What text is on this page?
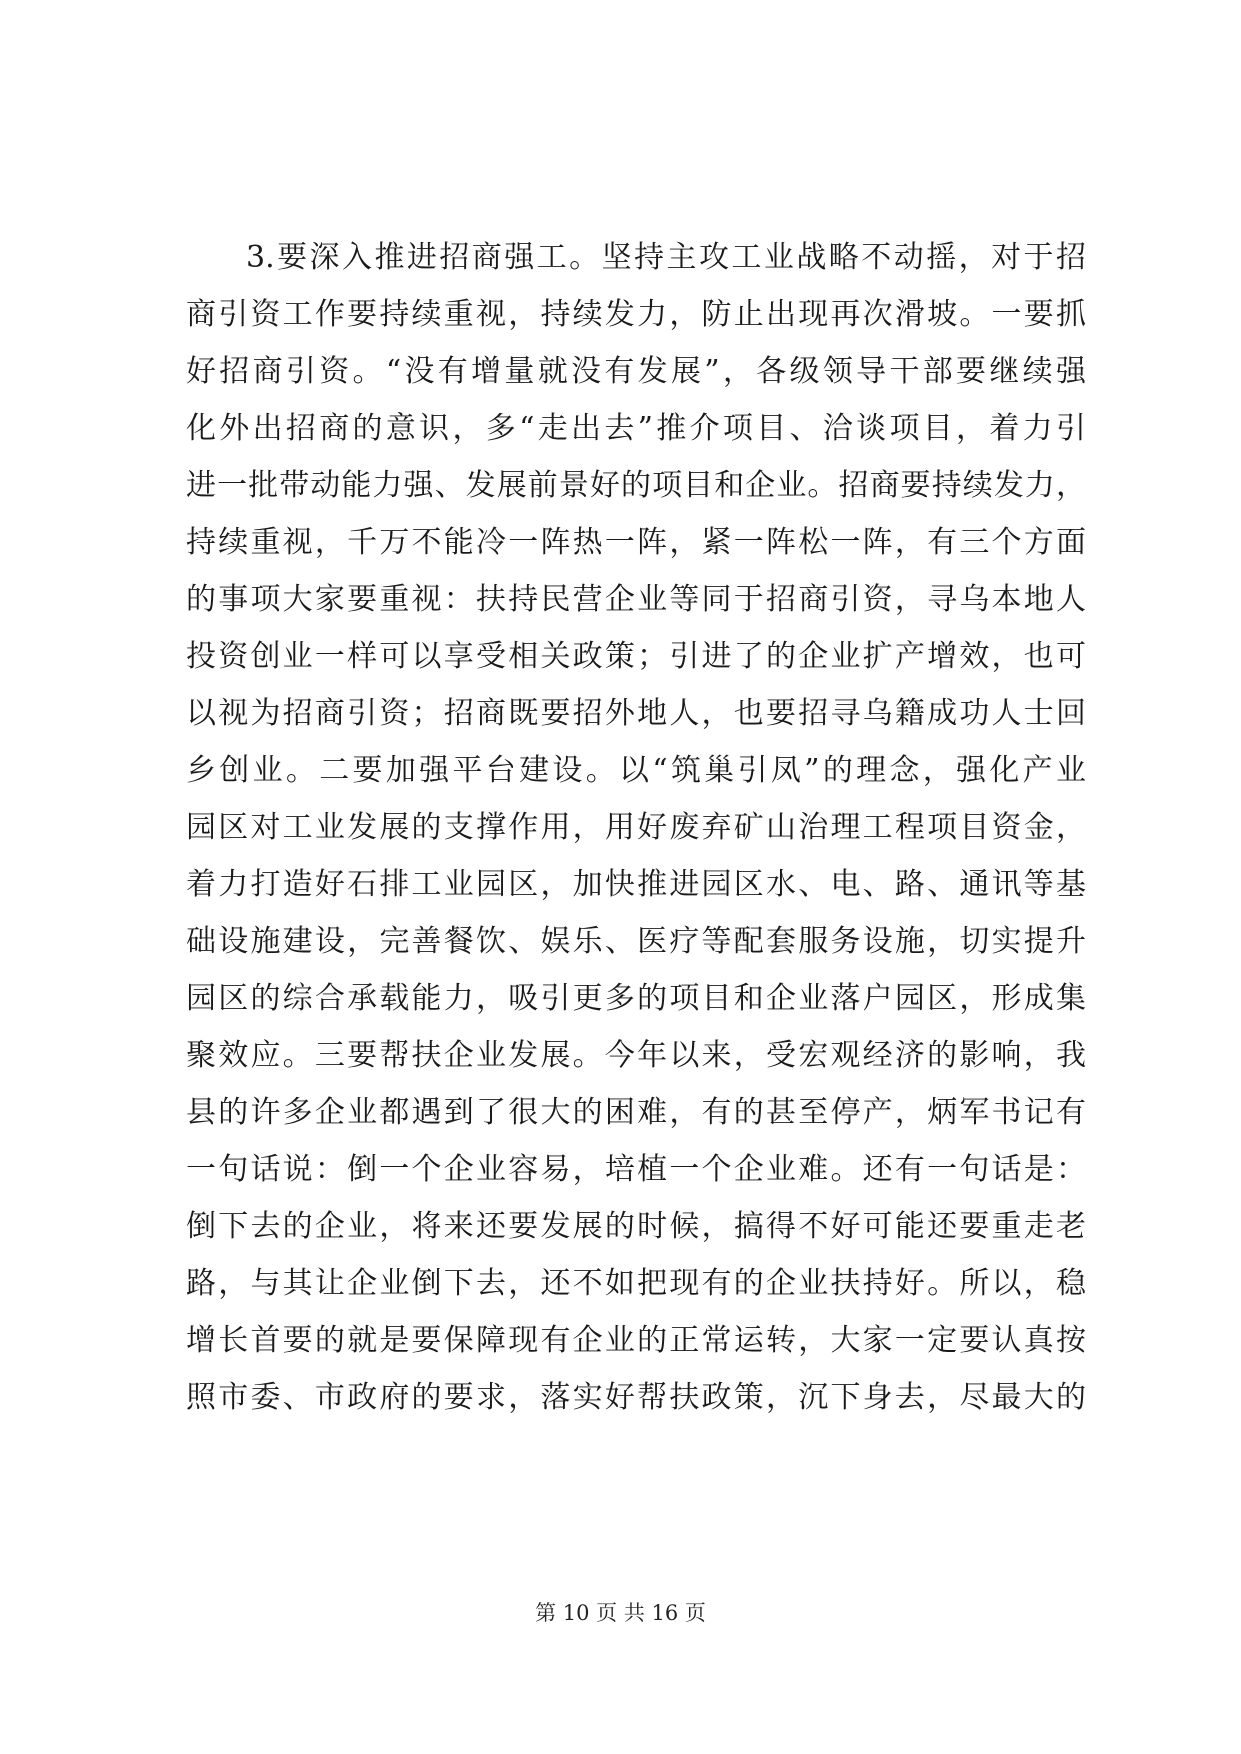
3.要深入推进招商强工。坚持主攻工业战略不动摇，对于招
商引资工作要持续重视，持续发力，防止出现再次滑坡。一要抓
好招商引资。“没有增量就没有发展”，各级领导干部要继续强
化外出招商的意识，多“走出去”推介项目、洽谈项目，着力引
进一批带动能力强、发展前景好的项目和企业。招商要持续发力，
持续重视，千万不能冷一阵热一阵，紧一阵松一阵，有三个方面
的事项大家要重视：扶持民营企业等同于招商引资，寻乌本地人
投资创业一样可以享受相关政策；引进了的企业扩产增效，也可
以视为招商引资；招商既要招外地人，也要招寻乌籍成功人士回
乡创业。二要加强平台建设。以“筑巢引凤”的理念，强化产业
园区对工业发展的支撑作用，用好废弃矿山治理工程项目资金，
着力打造好石排工业园区，加快推进园区水、电、路、通讯等基
础设施建设，完善餐饮、娱乐、医疗等配套服务设施，切实提升
园区的综合承载能力，吸引更多的项目和企业落户园区，形成集
聚效应。三要帮扶企业发展。今年以来，受宏观经济的影响，我
县的许多企业都遇到了很大的困难，有的甚至停产，炳军书记有
一句话说：倒一个企业容易，培植一个企业难。还有一句话是：
倒下去的企业，将来还要发展的时候，搞得不好可能还要重走老
路，与其让企业倒下去，还不如把现有的企业扶持好。所以，稳
增长首要的就是要保障现有企业的正常运转，大家一定要认真按
照市委、市政府的要求，落实好帮扶政策，沉下身去，尽最大的
第 10 页 共 16 页
